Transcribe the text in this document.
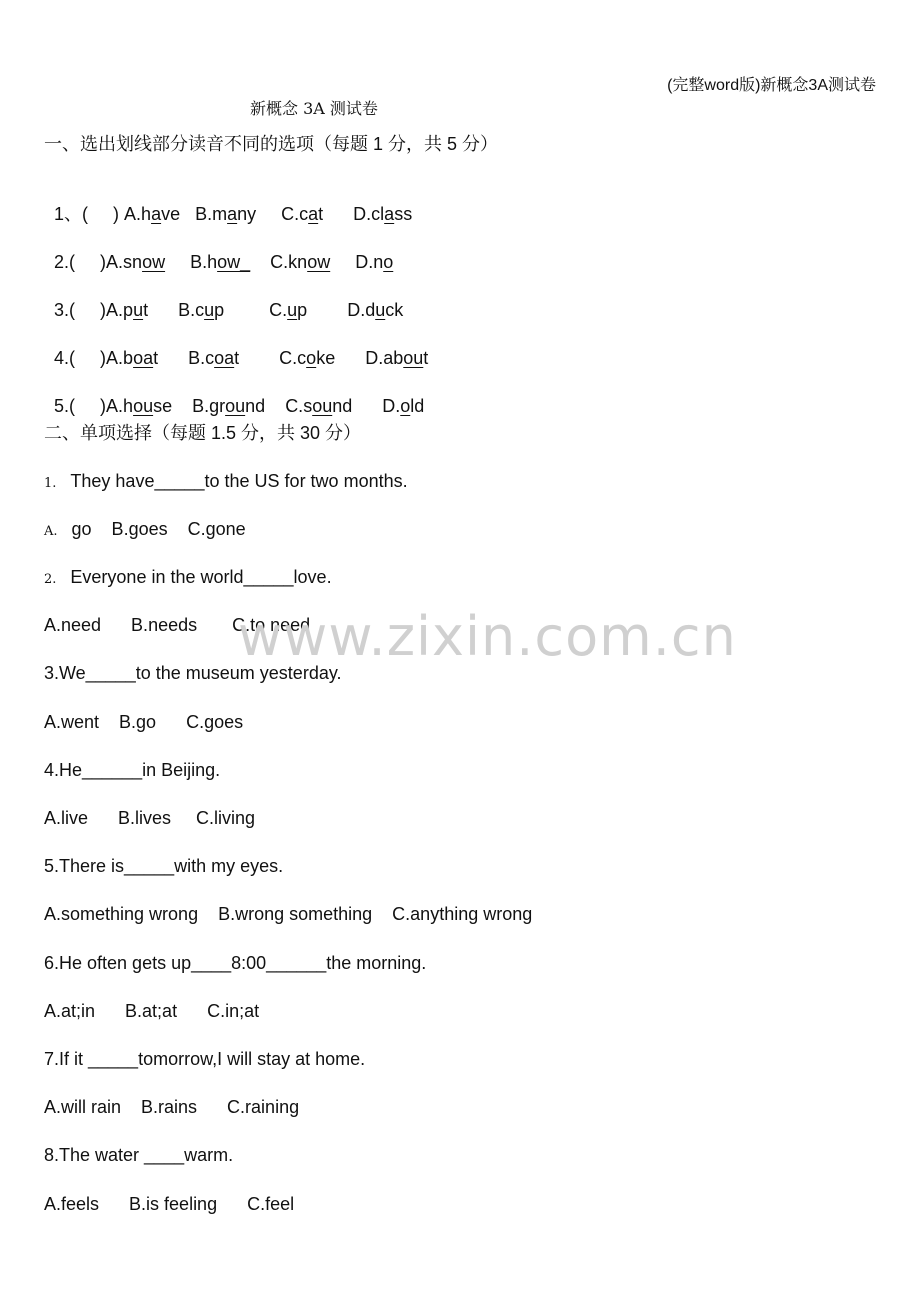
(完整word版)新概念3A测试卷
新概念 3A 测试卷
一、选出划线部分读音不同的选项（每题 1 分，共 5 分）

1、(     ) A.have   B.many     C.cat      D.class

2.(     )A.snow B.how_ C.know D.no

3.(     )A.put      B.cup         C.up        D.duck

4.(     )A.boat      B.coat        C.coke      D.about

5.(     )A.house    B.ground    C.sound      D.old

二、单项选择（每题 1.5 分，共 30 分）
1. They have_____to the US for two months.
A. go    B.goes    C.gone
2. Everyone in the world_____love.
A.need      B.needs       C.to need
3.We_____to the museum yesterday.
A.went    B.go      C.goes
4.He______in Beijing.
A.live      B.lives     C.living
5.There is_____with my eyes.
A.something wrong    B.wrong something    C.anything wrong
6.He often gets up____8:00______the morning.
A.at;in      B.at;at      C.in;at
7.If it _____tomorrow,I will stay at home.
A.will rain    B.rains      C.raining
8.The water ____warm.
A.feels      B.is feeling      C.feel
www.zixin.com.cn
